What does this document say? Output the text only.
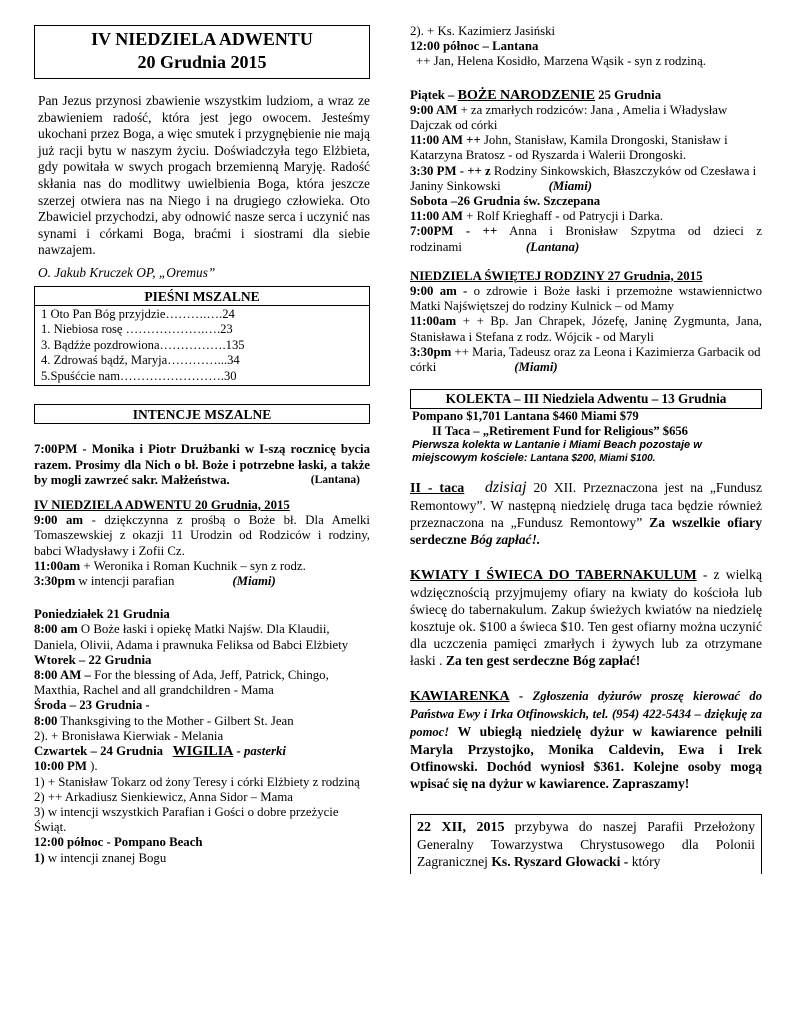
IV NIEDZIELA ADWENTU
20 Grudnia 2015
Pan Jezus przynosi zbawienie wszystkim ludziom, a wraz ze zbawieniem radość, która jest jego owocem. Jesteśmy ukochani przez Boga, a więc smutek i przygnębienie nie mają już racji bytu w naszym życiu. Doświadczyła tego Elżbieta, gdy powitała w swych progach brzemienną Maryję. Radość skłania nas do modlitwy uwielbienia Boga, która jeszcze szerzej otwiera nas na Niego i na drugiego człowieka. Oto Zbawiciel przychodzi, aby odnowić nasze serca i uczynić nas synami i córkami Boga, braćmi i siostrami dla siebie nawzajem.
O. Jakub Kruczek OP, „Oremus”
PIEŚNI MSZALNE
1 Oto Pan Bóg przyjdzie……….….24
1. Niebiosa rosę ……………….….23
3. Bądźże pozdrowiona…………….135
4. Zdrowaś bądź, Maryja…………...34
5.Spuśćcie nam…………………….30
INTENCJE MSZALNE
7:00PM - Monika i Piotr Drużbanki w I-szą rocznicę bycia razem. Prosimy dla Nich o bł. Boże i potrzebne łaski, a także by mogli zawrzeć sakr. Małżeństwa.	(Lantana)
IV NIEDZIELA ADWENTU 20 Grudnia, 2015
9:00 am - dziękczynna z prośbą o Boże bł. Dla Amelki Tomaszewskiej z okazji 11 Urodzin od Rodziców i rodziny, babci Władysławy i Zofii Cz.
11:00am + Weronika i Roman Kuchnik – syn z rodz.
3:30pm w intencji parafian	(Miami)
Poniedziałek 21 Grudnia
8:00 am O Boże łaski i opiekę Matki Najśw. Dla Klaudii, Daniela, Olivii, Adama i prawnuka Feliksa od Babci Elżbiety
Wtorek – 22 Grudnia
8:00 AM – For the blessing of Ada, Jeff, Patrick, Chingo, Maxthia, Rachel and all grandchildren - Mama
Środa – 23 Grudnia -
8:00 Thanksgiving to the Mother - Gilbert St. Jean
2). + Bronisława Kierwiak - Melania
Czwartek – 24 Grudnia WIGILIA - pasterki
10:00 PM ).
1) + Stanisław Tokarz od żony Teresy i córki Elżbiety z rodziną
2) ++ Arkadiusz Sienkiewicz, Anna Sidor – Mama
3) w intencji wszystkich Parafian i Gości o dobre przeżycie Świąt.
12:00 północ - Pompano Beach
1) w intencji znanej Bogu
2). + Ks. Kazimierz Jasiński
12:00 północ – Lantana
++ Jan, Helena Kosidło, Marzena Wąsik - syn z rodziną.
Piątek – BOŻE NARODZENIE 25 Grudnia
9:00 AM + za zmarłych rodziców: Jana , Amelia i Władysław Dajczak od córki
11:00 AM ++ John, Stanisław, Kamila Drongoski, Stanisław i Katarzyna Bratosz - od Ryszarda i Walerii Drongoski.
3:30 PM - ++ z Rodziny Sinkowskich, Błaszczyków od Czesława i Janiny Sinkowski	(Miami)
Sobota –26 Grudnia św. Szczepana
11:00 AM + Rolf Krieghaff - od Patrycji i Darka.
7:00PM - ++ Anna i Bronisław Szpytma od dzieci z rodzinami	(Lantana)
NIEDZIELA ŚWIĘTEJ RODZINY 27 Grudnia, 2015
9:00 am - o zdrowie i Boże łaski i przemożne wstawiennictwo Matki Najświętszej do rodziny Kulnick – od Mamy
11:00am + + Bp. Jan Chrapek, Józefę, Janinę Zygmunta, Jana, Stanisława i Stefana z rodz. Wójcik - od Maryli
3:30pm ++ Maria, Tadeusz oraz za Leona i Kazimierza Garbacik od córki	(Miami)
KOLEKTA – III Niedziela Adwentu – 13 Grudnia
Pompano $1,701 Lantana $460 Miami $79
II Taca – „Retirement Fund for Religious” $656
Pierwsza kolekta w Lantanie i Miami Beach pozostaje w miejscowym kościele: Lantana $200, Miami $100.
II - taca dzisiaj 20 XII. Przeznaczona jest na „Fundusz Remontowy”. W następną niedzielę druga taca będzie również przeznaczona na „Fundusz Remontowy” Za wszelkie ofiary serdeczne Bóg zapłać!.
KWIATY I ŚWIECA DO TABERNAKULUM - z wielką wdzięcznością przyjmujemy ofiary na kwiaty do kościoła lub świecę do tabernakulum. Zakup świeżych kwiatów na niedzielę kosztuje ok. $100 a świeca $10. Ten gest ofiarny można uczynić dla uczczenia pamięci zmarłych i żywych lub za otrzymane łaski . Za ten gest serdeczne Bóg zapłać!
KAWIARENKA - Zgłoszenia dyżurów proszę kierować do Państwa Ewy i Irka Otfinowskich, tel. (954) 422-5434 – dziękuję za pomoc! W ubiegłą niedzielę dyżur w kawiarence pełnili Maryla Przystojko, Monika Caldevin, Ewa i Irek Otfinowski. Dochód wyniosł $361. Kolejne osoby mogą wpisać się na dyżur w kawiarence. Zapraszamy!
22 XII, 2015 przybywa do naszej Parafii Przełożony Generalny Towarzystwa Chrystusowego dla Polonii Zagranicznej Ks. Ryszard Głowacki - który
